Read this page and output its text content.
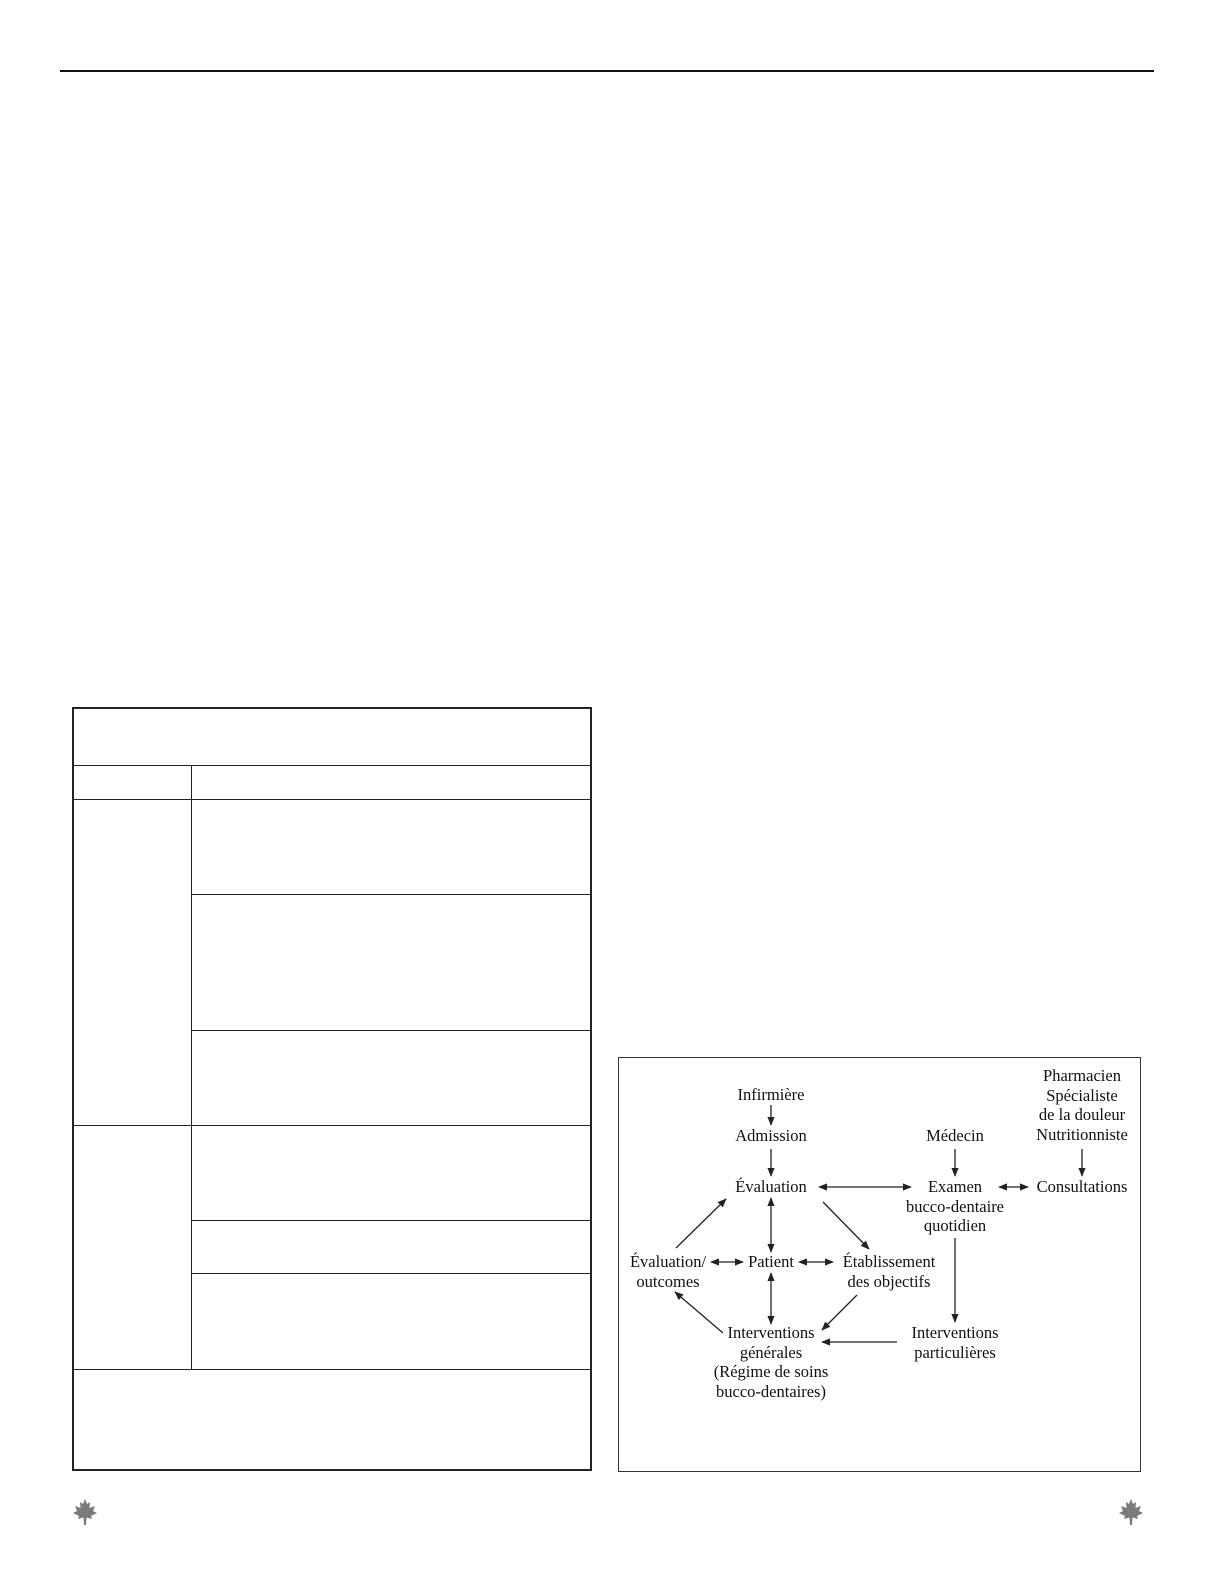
Infirmière
Admission	Médecin
Pharmacien
Spécialiste
de la douleur
Nutritionniste
Évaluation	Examen
bucco-dentaire
quotidien
Consultations
Évaluation/
outcomes
Patient	Établissement
des objectifs
Interventions
générales
(Régime de soins
bucco-dentaires)
Interventions
particulières
